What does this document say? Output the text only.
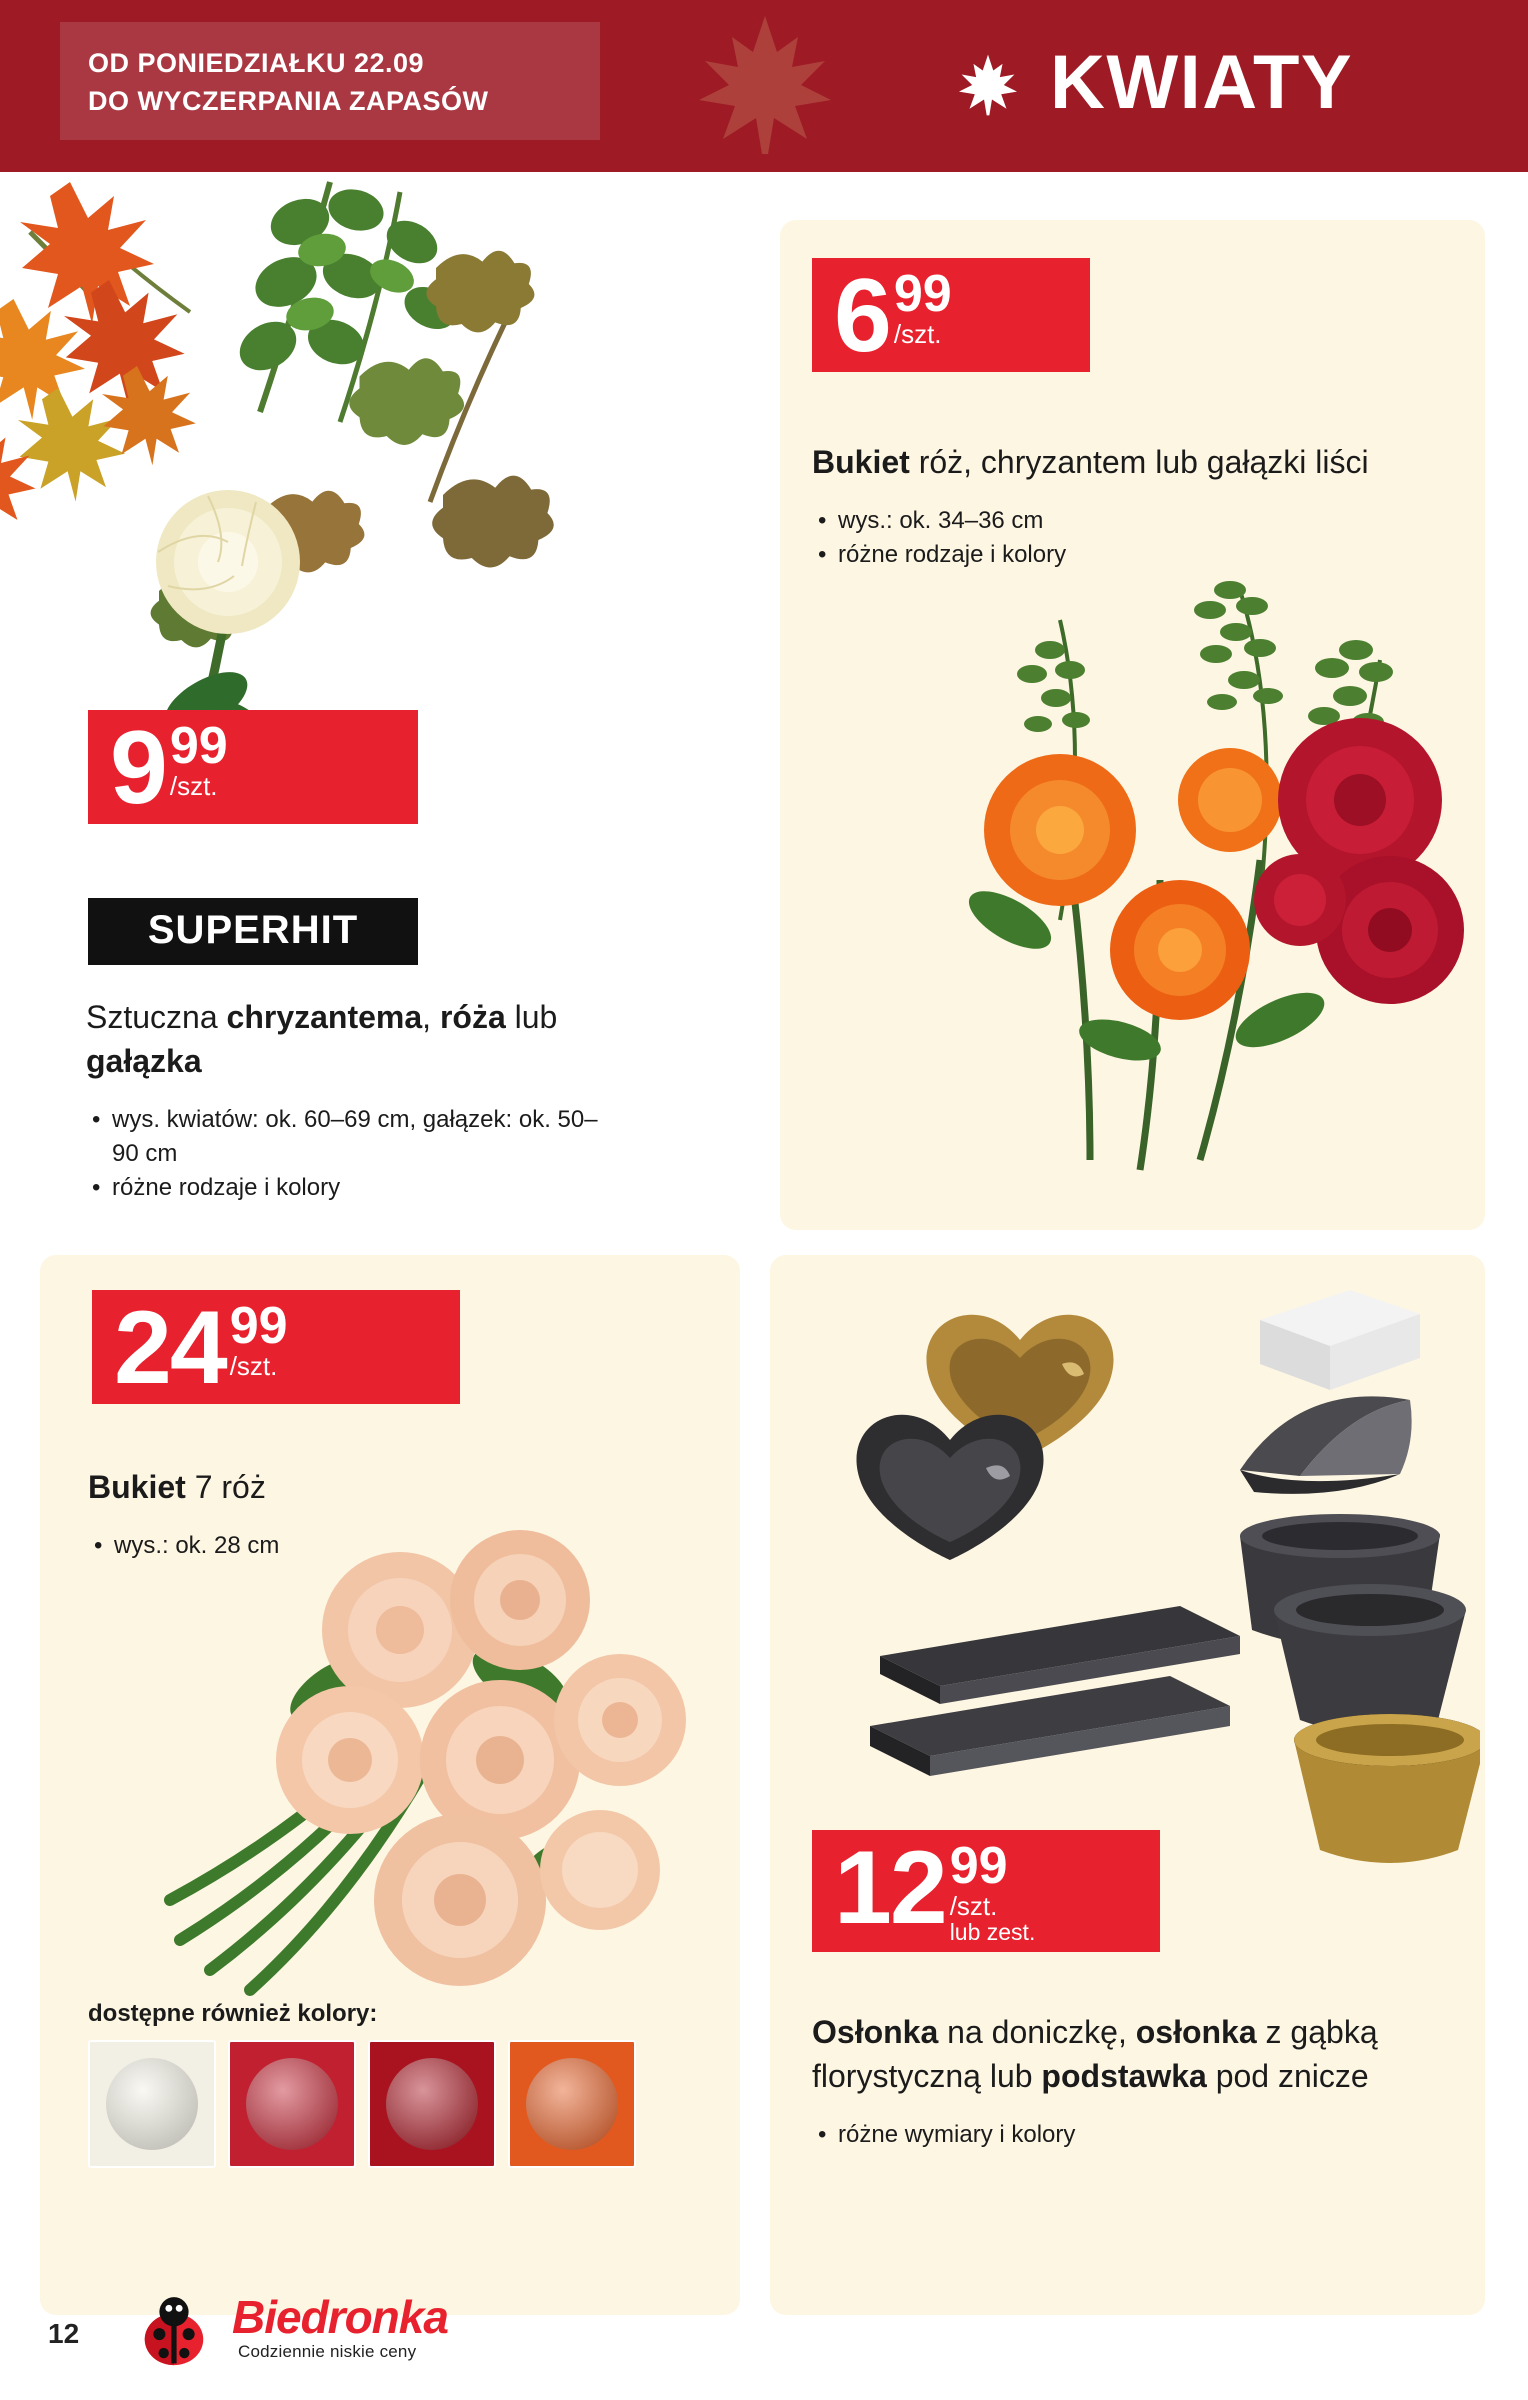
OD PONIEDZIAŁKU 22.09
DO WYCZERPANIA ZAPASÓW	KWIATY
9 99
/szt.
SUPERHIT
Sztuczna chryzantema, róża lub gałązka
• wys. kwiatów: ok. 60–69 cm, gałązek: ok. 50–90 cm
• różne rodzaje i kolory
6 99
/szt.
Bukiet róż, chryzantem lub gałązki liści
• wys.: ok. 34–36 cm
• różne rodzaje i kolory
24 99
/szt.
Bukiet 7 róż
• wys.: ok. 28 cm
dostępne również kolory:
12 99
/szt.
lub zest.
Osłonka na doniczkę, osłonka z gąbką florystyczną lub podstawka pod znicze
• różne wymiary i kolory
12	Biedronka
Codziennie niskie ceny
